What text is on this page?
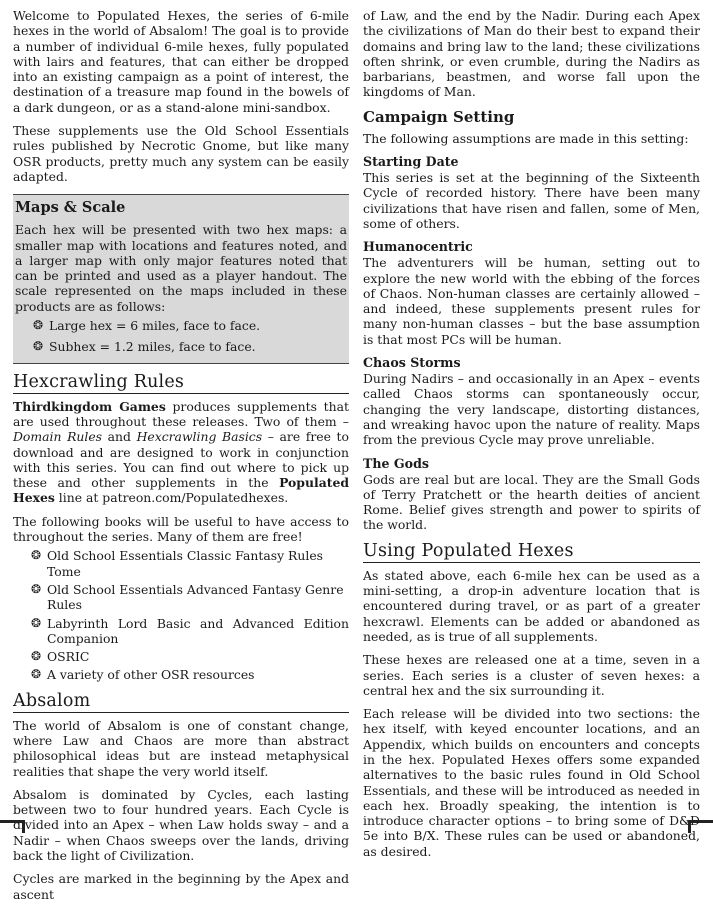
Welcome to Populated Hexes, the series of 6-mile hexes in the world of Absalom! The goal is to provide a number of individual 6-mile hexes, fully populated with lairs and features, that can either be dropped into an existing campaign as a point of interest, the destination of a treasure map found in the bowels of a dark dungeon, or as a stand-alone mini-sandbox.

These supplements use the Old School Essentials rules published by Necrotic Gnome, but like many OSR products, pretty much any system can be easily adapted.

Maps & Scale

Each hex will be presented with two hex maps: a smaller map with locations and features noted, and a larger map with only major features noted that can be printed and used as a player handout. The scale represented on the maps included in these products are as follows:

❂ Large hex = 6 miles, face to face.
❂ Subhex = 1.2 miles, face to face.
Hexcrawling Rules

Thirdkingdom Games produces supplements that are used throughout these releases. Two of them – Domain Rules and Hexcrawling Basics – are free to download and are designed to work in conjunction with this series. You can find out where to pick up these and other supplements in the Populated Hexes line at patreon.com/Populatedhexes.

The following books will be useful to have access to throughout the series. Many of them are free!

❂ Old School Essentials Classic Fantasy Rules Tome
❂ Old School Essentials Advanced Fantasy Genre Rules
❂ Labyrinth Lord Basic and Advanced Edition Companion
❂ OSRIC
❂ A variety of other OSR resources
Absalom

The world of Absalom is one of constant change, where Law and Chaos are more than abstract philosophical ideas but are instead metaphysical realities that shape the very world itself.

Absalom is dominated by Cycles, each lasting between two to four hundred years. Each Cycle is divided into an Apex – when Law holds sway – and a Nadir – when Chaos sweeps over the lands, driving back the light of Civilization.

Cycles are marked in the beginning by the Apex and ascent

of Law, and the end by the Nadir. During each Apex the civilizations of Man do their best to expand their domains and bring law to the land; these civilizations often shrink, or even crumble, during the Nadirs as barbarians, beastmen, and worse fall upon the kingdoms of Man.

Campaign Setting

The following assumptions are made in this setting:

Starting Date

This series is set at the beginning of the Sixteenth Cycle of recorded history. There have been many civilizations that have risen and fallen, some of Men, some of others.

Humanocentric

The adventurers will be human, setting out to explore the new world with the ebbing of the forces of Chaos. Non-human classes are certainly allowed – and indeed, these supplements present rules for many non-human classes – but the base assumption is that most PCs will be human.

Chaos Storms

During Nadirs – and occasionally in an Apex – events called Chaos storms can spontaneously occur, changing the very landscape, distorting distances, and wreaking havoc upon the nature of reality. Maps from the previous Cycle may prove unreliable.

The Gods

Gods are real but are local. They are the Small Gods of Terry Pratchett or the hearth deities of ancient Rome. Belief gives strength and power to spirits of the world.

Using Populated Hexes

As stated above, each 6-mile hex can be used as a mini-setting, a drop-in adventure location that is encountered during travel, or as part of a greater hexcrawl. Elements can be added or abandoned as needed, as is true of all supplements.

These hexes are released one at a time, seven in a series. Each series is a cluster of seven hexes: a central hex and the six surrounding it.

Each release will be divided into two sections: the hex itself, with keyed encounter locations, and an Appendix, which builds on encounters and concepts in the hex. Populated Hexes offers some expanded alternatives to the basic rules found in Old School Essentials, and these will be introduced as needed in each hex. Broadly speaking, the intention is to introduce character options – to bring some of D&D 5e into B/X. These rules can be used or abandoned, as desired.
